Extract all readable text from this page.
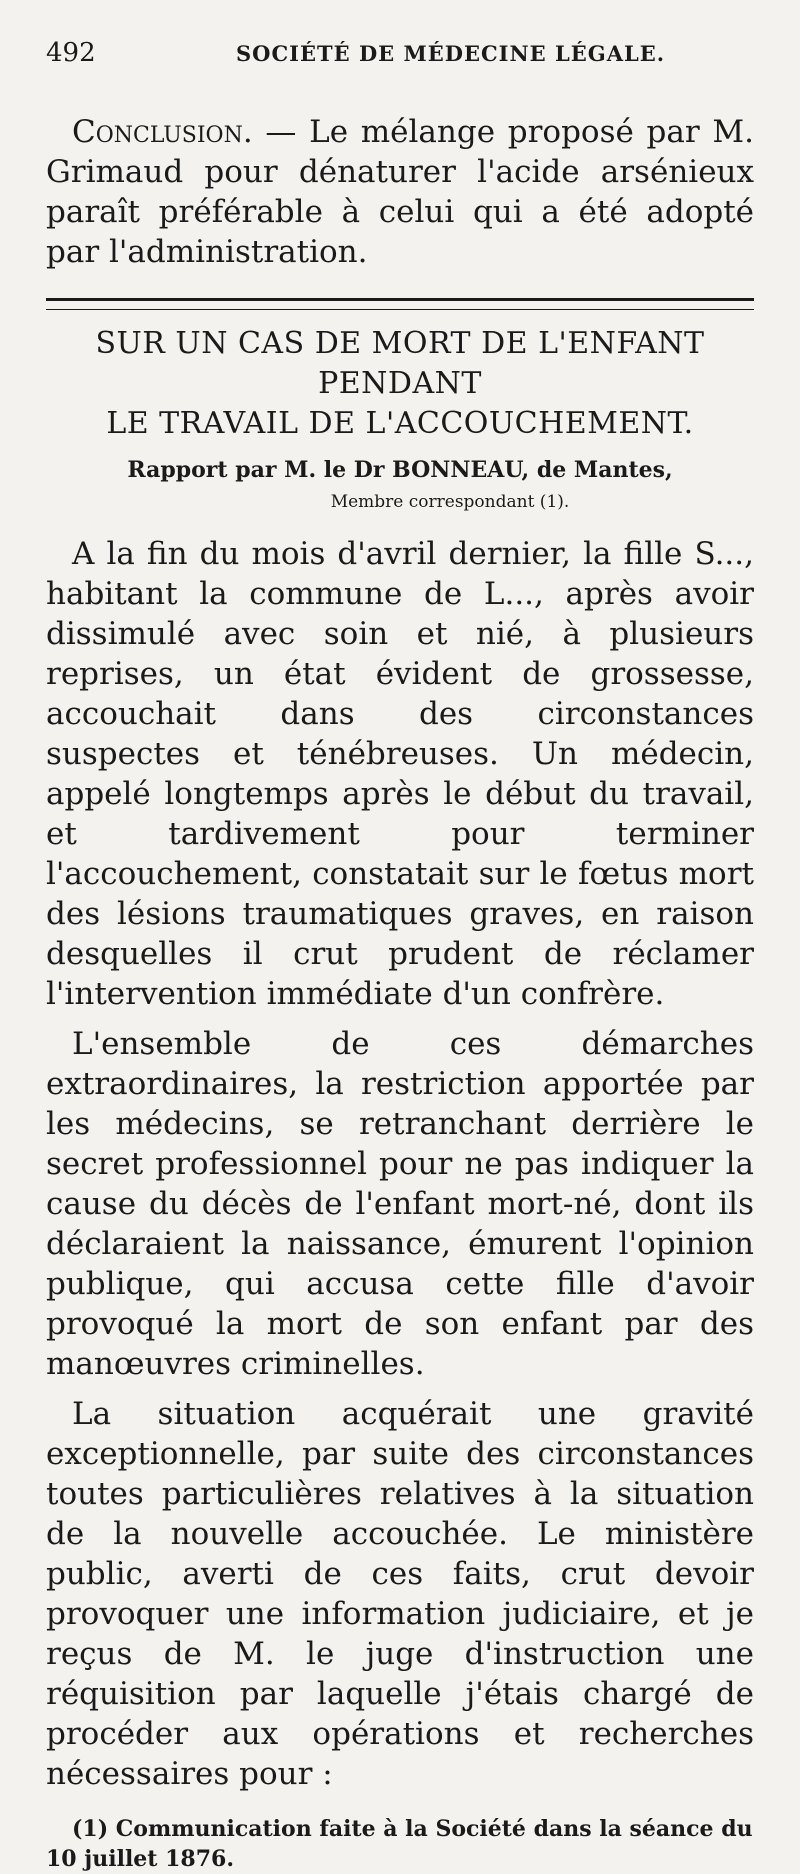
492	SOCIÉTÉ DE MÉDECINE LÉGALE.

Conclusion. — Le mélange proposé par M. Grimaud pour dénaturer l'acide arsénieux paraît préférable à celui qui a été adopté par l'administration.

SUR UN CAS DE MORT DE L'ENFANT PENDANT
LE TRAVAIL DE L'ACCOUCHEMENT.
Rapport par M. le Dr BONNEAU, de Mantes,
Membre correspondant (1).

A la fin du mois d'avril dernier, la fille S..., habitant la commune de L..., après avoir dissimulé avec soin et nié, à plusieurs reprises, un état évident de grossesse, accouchait dans des circonstances suspectes et ténébreuses. Un médecin, appelé longtemps après le début du travail, et tardivement pour terminer l'accouchement, constatait sur le fœtus mort des lésions traumatiques graves, en raison desquelles il crut prudent de réclamer l'intervention immédiate d'un confrère.

L'ensemble de ces démarches extraordinaires, la restriction apportée par les médecins, se retranchant derrière le secret professionnel pour ne pas indiquer la cause du décès de l'enfant mort-né, dont ils déclaraient la naissance, émurent l'opinion publique, qui accusa cette fille d'avoir provoqué la mort de son enfant par des manœuvres criminelles.

La situation acquérait une gravité exceptionnelle, par suite des circonstances toutes particulières relatives à la situation de la nouvelle accouchée. Le ministère public, averti de ces faits, crut devoir provoquer une information judiciaire, et je reçus de M. le juge d'instruction une réquisition par laquelle j'étais chargé de procéder aux opérations et recherches nécessaires pour :

(1) Communication faite à la Société dans la séance du 10 juillet 1876.
